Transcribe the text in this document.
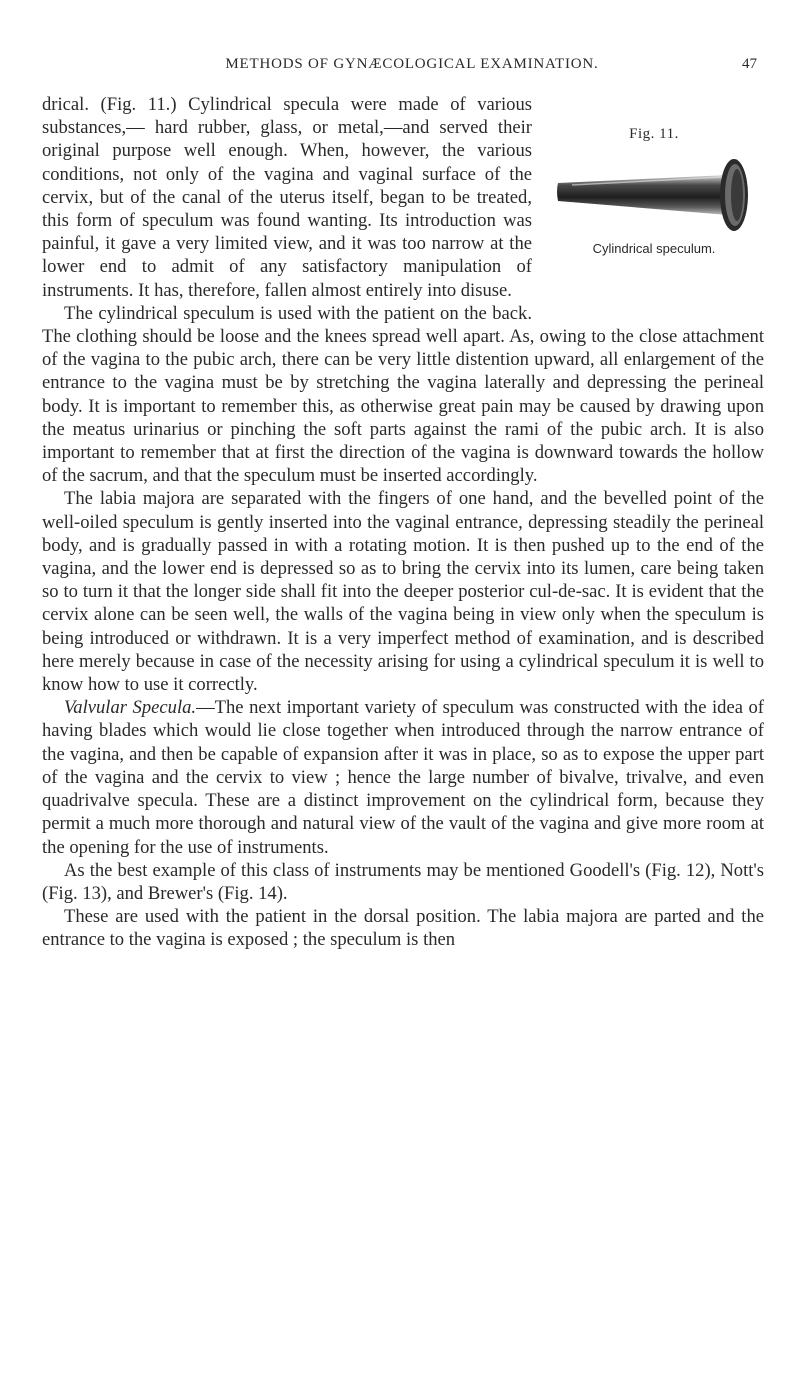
METHODS OF GYNÆCOLOGICAL EXAMINATION.	47
Fig. 11.
Cylindrical speculum.

drical. (Fig. 11.) Cylindrical specula were made of various substances,— hard rubber, glass, or metal,—and served their original purpose well enough. When, however, the various conditions, not only of the vagina and vaginal surface of the cervix, but of the canal of the uterus itself, began to be treated, this form of speculum was found wanting. Its introduction was painful, it gave a very limited view, and it was too narrow at the lower end to admit of any satisfactory manipulation of instruments. It has, therefore, fallen almost entirely into disuse.

The cylindrical speculum is used with the patient on the back. The clothing should be loose and the knees spread well apart. As, owing to the close attachment of the vagina to the pubic arch, there can be very little distention upward, all enlargement of the entrance to the vagina must be by stretching the vagina laterally and depressing the perineal body. It is important to remember this, as otherwise great pain may be caused by drawing upon the meatus urinarius or pinching the soft parts against the rami of the pubic arch. It is also important to remember that at first the direction of the vagina is downward towards the hollow of the sacrum, and that the speculum must be inserted accordingly.

The labia majora are separated with the fingers of one hand, and the bevelled point of the well-oiled speculum is gently inserted into the vaginal entrance, depressing steadily the perineal body, and is gradually passed in with a rotating motion. It is then pushed up to the end of the vagina, and the lower end is depressed so as to bring the cervix into its lumen, care being taken so to turn it that the longer side shall fit into the deeper posterior cul-de-sac. It is evident that the cervix alone can be seen well, the walls of the vagina being in view only when the speculum is being introduced or withdrawn. It is a very imperfect method of examination, and is described here merely because in case of the necessity arising for using a cylindrical speculum it is well to know how to use it correctly.

Valvular Specula.—The next important variety of speculum was constructed with the idea of having blades which would lie close together when introduced through the narrow entrance of the vagina, and then be capable of expansion after it was in place, so as to expose the upper part of the vagina and the cervix to view ; hence the large number of bivalve, trivalve, and even quadrivalve specula. These are a distinct improvement on the cylindrical form, because they permit a much more thorough and natural view of the vault of the vagina and give more room at the opening for the use of instruments.

As the best example of this class of instruments may be mentioned Goodell's (Fig. 12), Nott's (Fig. 13), and Brewer's (Fig. 14).

These are used with the patient in the dorsal position. The labia majora are parted and the entrance to the vagina is exposed ; the speculum is then
